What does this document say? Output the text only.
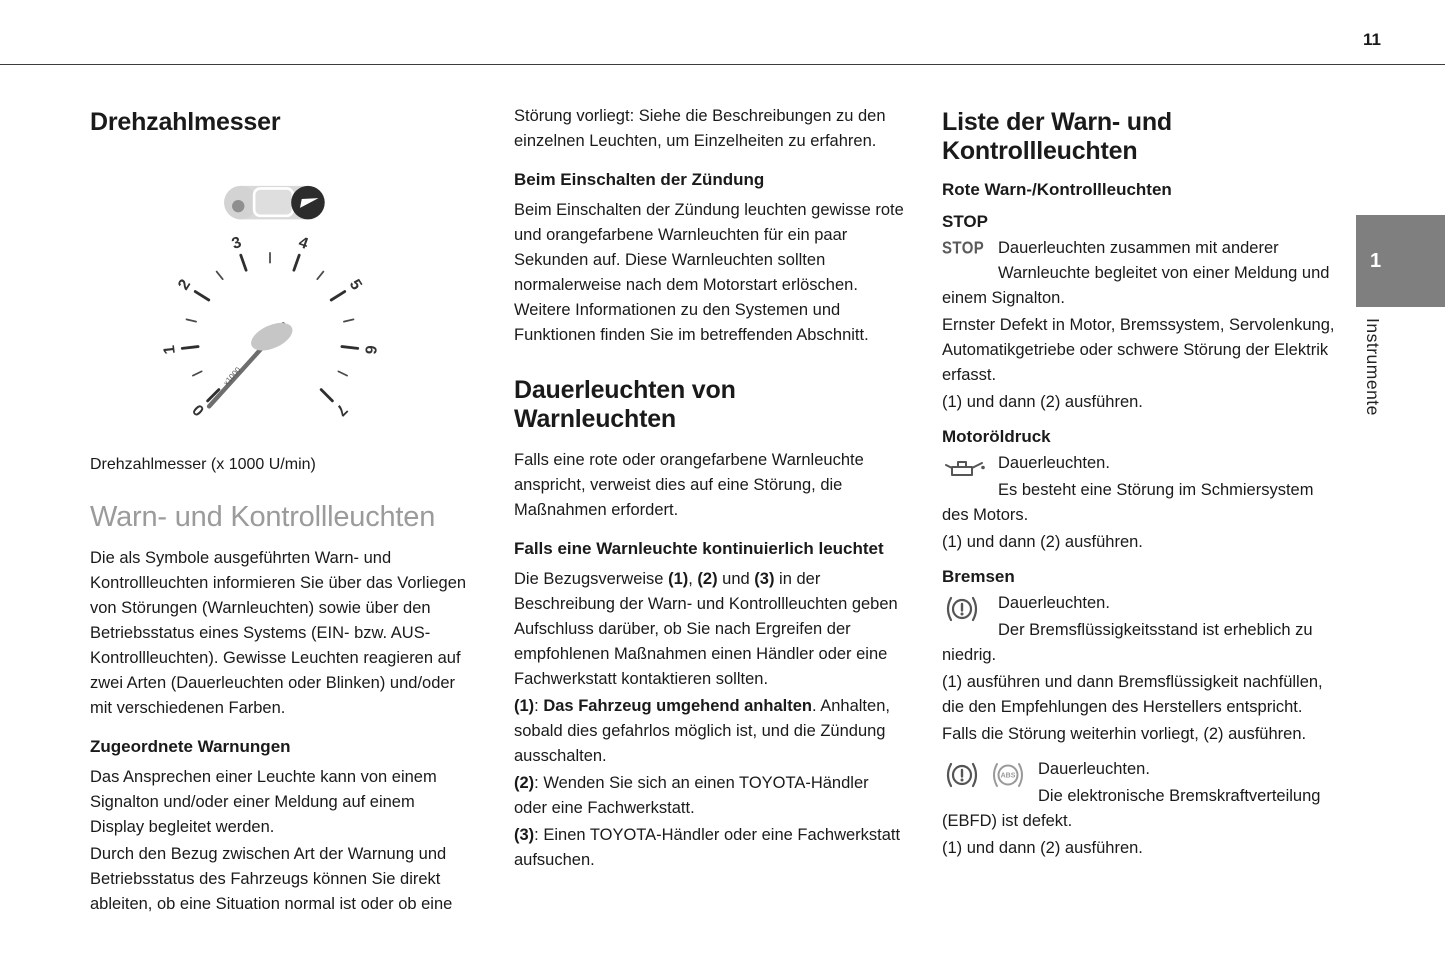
11
1
Instrumente
Drehzahlmesser
0
1
2
3	4
5
6
7
x1000

Drehzahlmesser (x 1000 U/min)

Warn- und Kontrollleuchten

Die als Symbole ausgeführten Warn- und Kontrollleuchten informieren Sie über das Vorliegen von Störungen (Warnleuchten) sowie über den Betriebsstatus eines Systems (EIN- bzw. AUS-Kontrollleuchten). Gewisse Leuchten reagieren auf zwei Arten (Dauerleuchten oder Blinken) und/oder mit verschiedenen Farben.

Zugeordnete Warnungen

Das Ansprechen einer Leuchte kann von einem Signalton und/oder einer Meldung auf einem Display begleitet werden.

Durch den Bezug zwischen Art der Warnung und Betriebsstatus des Fahrzeugs können Sie direkt ableiten, ob eine Situation normal ist oder ob eine

Störung vorliegt: Siehe die Beschreibungen zu den einzelnen Leuchten, um Einzelheiten zu erfahren.

Beim Einschalten der Zündung

Beim Einschalten der Zündung leuchten gewisse rote und orangefarbene Warnleuchten für ein paar Sekunden auf. Diese Warnleuchten sollten normalerweise nach dem Motorstart erlöschen. Weitere Informationen zu den Systemen und Funktionen finden Sie im betreffenden Abschnitt.

Dauerleuchten von Warnleuchten

Falls eine rote oder orangefarbene Warnleuchte anspricht, verweist dies auf eine Störung, die Maßnahmen erfordert.

Falls eine Warnleuchte kontinuierlich leuchtet

Die Bezugsverweise (1), (2) und (3) in der Beschreibung der Warn- und Kontrollleuchten geben Aufschluss darüber, ob Sie nach Ergreifen der empfohlenen Maßnahmen einen Händler oder eine Fachwerkstatt kontaktieren sollten.

(1): Das Fahrzeug umgehend anhalten. Anhalten, sobald dies gefahrlos möglich ist, und die Zündung ausschalten.

(2): Wenden Sie sich an einen TOYOTA-Händler oder eine Fachwerkstatt.

(3): Einen TOYOTA-Händler oder eine Fachwerkstatt aufsuchen.

Liste der Warn- und Kontrollleuchten
Rote Warn-/Kontrollleuchten
STOP
STOP Dauerleuchten zusammen mit anderer Warnleuchte begleitet von einer Meldung und einem Signalton.

Ernster Defekt in Motor, Bremssystem, Servolenkung, Automatikgetriebe oder schwere Störung der Elektrik erfasst.

(1) und dann (2) ausführen.

Motoröldruck

Dauerleuchten.

Es besteht eine Störung im Schmiersystem des Motors.

(1) und dann (2) ausführen.

Bremsen

Dauerleuchten.

Der Bremsflüssigkeitsstand ist erheblich zu niedrig.

(1) ausführen und dann Bremsflüssigkeit nachfüllen, die den Empfehlungen des Herstellers entspricht.

Falls die Störung weiterhin vorliegt, (2) ausführen.

ABS	Dauerleuchten.

Die elektronische Bremskraftverteilung (EBFD) ist defekt.

(1) und dann (2) ausführen.
